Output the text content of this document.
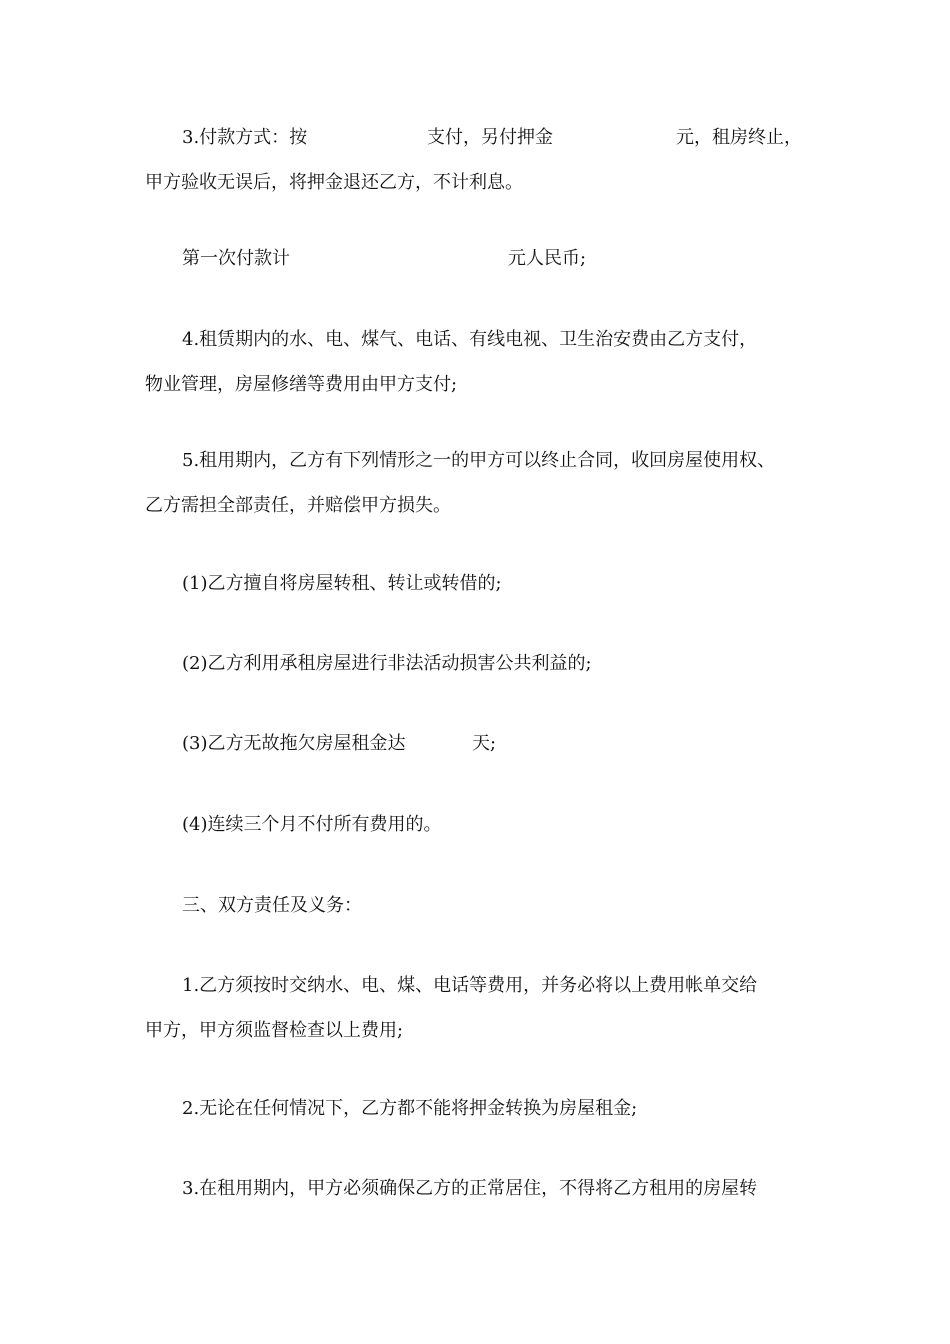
3.付款方式：按	支付，另付押金	元，租房终止，
甲方验收无误后，将押金退还乙方，不计利息。
第一次付款计	元人民币;
4.租赁期内的水、电、煤气、电话、有线电视、卫生治安费由乙方支付，
物业管理，房屋修缮等费用由甲方支付;
5.租用期内，乙方有下列情形之一的甲方可以终止合同，收回房屋使用权、
乙方需担全部责任，并赔偿甲方损失。
(1)乙方擅自将房屋转租、转让或转借的;
(2)乙方利用承租房屋进行非法活动损害公共利益的;
(3)乙方无故拖欠房屋租金达	天;
(4)连续三个月不付所有费用的。
三、双方责任及义务：
1.乙方须按时交纳水、电、煤、电话等费用，并务必将以上费用帐单交给
甲方，甲方须监督检查以上费用;
2.无论在任何情况下，乙方都不能将押金转换为房屋租金;
3.在租用期内，甲方必须确保乙方的正常居住，不得将乙方租用的房屋转
